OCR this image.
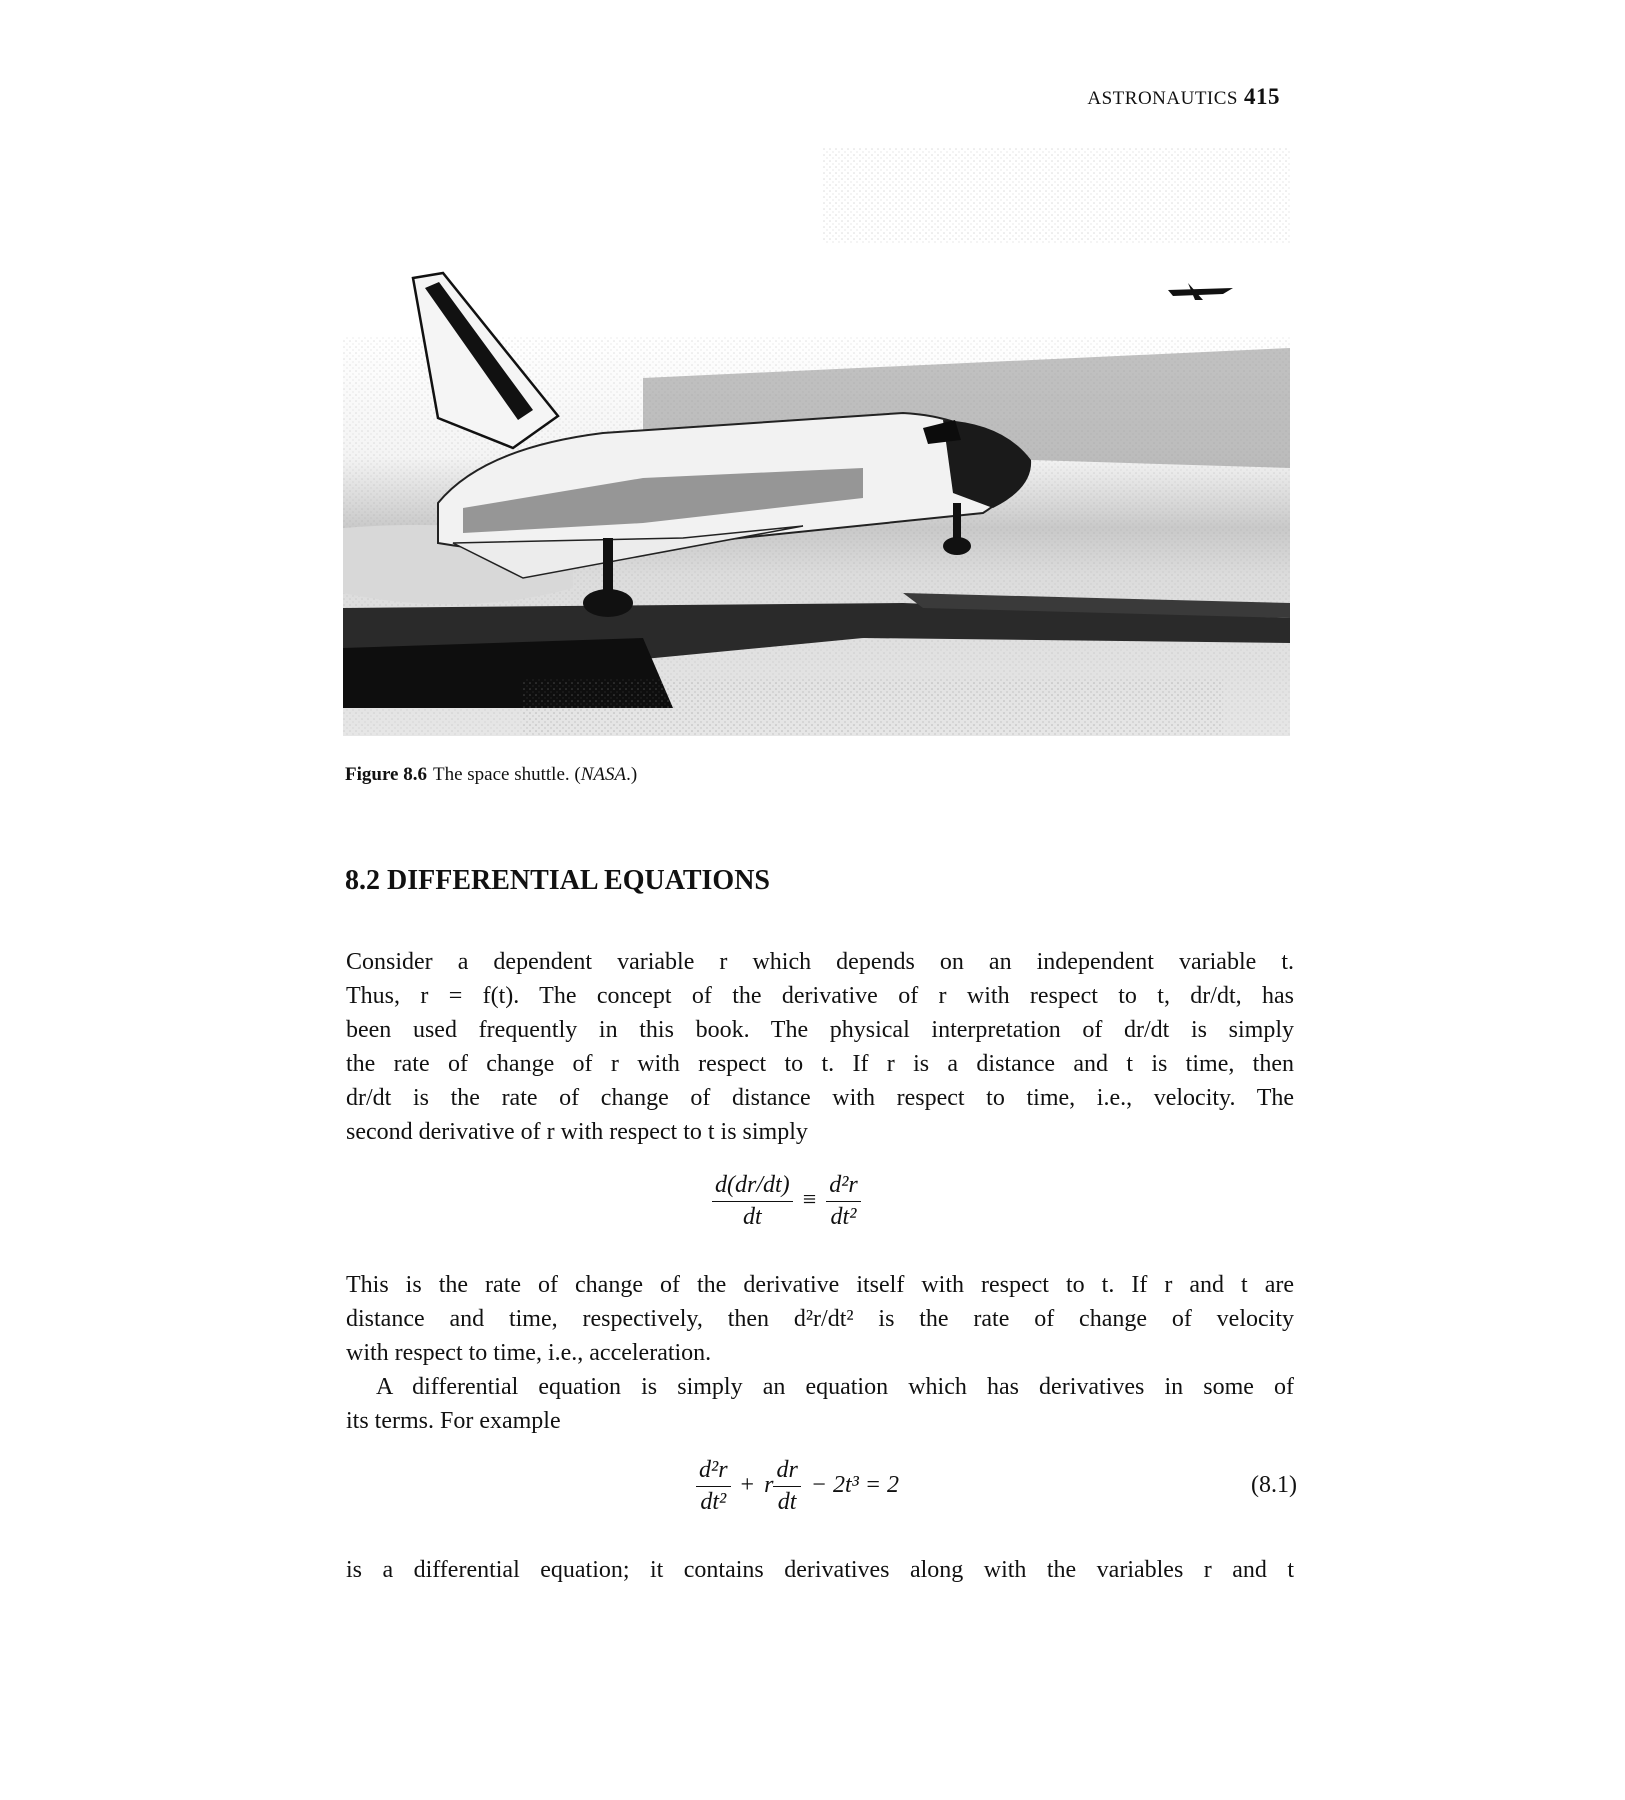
ASTRONAUTICS 415
Figure 8.6 The space shuttle. (NASA.)
8.2 DIFFERENTIAL EQUATIONS

Consider a dependent variable r which depends on an independent variable t.
Thus, r = f(t). The concept of the derivative of r with respect to t, dr/dt, has
been used frequently in this book. The physical interpretation of dr/dt is simply
the rate of change of r with respect to t. If r is a distance and t is time, then
dr/dt is the rate of change of distance with respect to time, i.e., velocity. The
second derivative of r with respect to t is simply

$\frac{d(dr/dt)}{dt} \equiv \frac{\text{d²r}}{\text{dt²}}$

This is the rate of change of the derivative itself with respect to t. If r and t are
distance and time, respectively, then d²r/dt² is the rate of change of velocity
with respect to time, i.e., acceleration.
A differential equation is simply an equation which has derivatives in some of
its terms. For example

$\frac{\text{d²r}}{\text{dt²}} + r \frac{dr}{dt} - 2t^3 = 2$	(8.1)

is a differential equation; it contains derivatives along with the variables r and t
